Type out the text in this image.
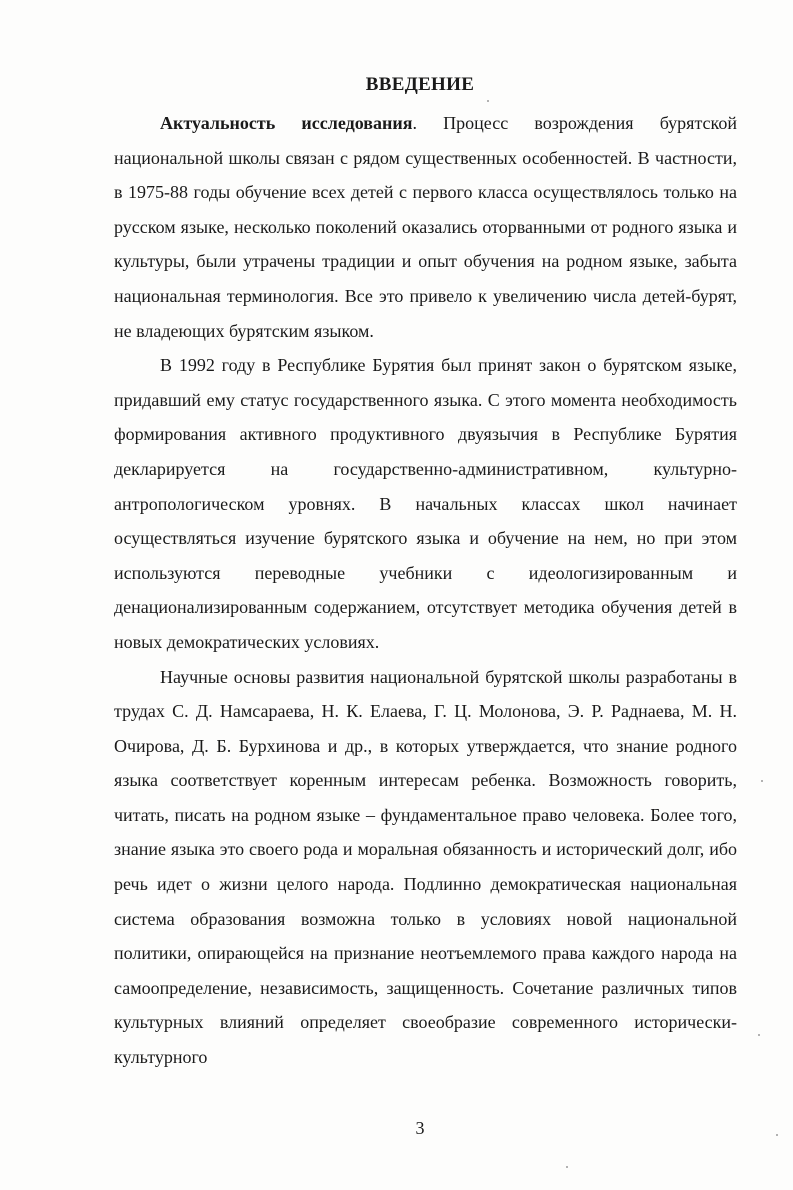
ВВЕДЕНИЕ

Актуальность исследования. Процесс возрождения бурятской национальной школы связан с рядом существенных особенностей. В частности, в 1975-88 годы обучение всех детей с первого класса осуществлялось только на русском языке, несколько поколений оказались оторванными от родного языка и культуры, были утрачены традиции и опыт обучения на родном языке, забыта национальная терминология. Все это привело к увеличению числа детей-бурят, не владеющих бурятским языком.

В 1992 году в Республике Бурятия был принят закон о бурятском языке, придавший ему статус государственного языка. С этого момента необходимость формирования активного продуктивного двуязычия в Республике Бурятия декларируется на государственно-административном, культурно-антропологическом уровнях. В начальных классах школ начинает осуществляться изучение бурятского языка и обучение на нем, но при этом используются переводные учебники с идеологизированным и денационализированным содержанием, отсутствует методика обучения детей в новых демократических условиях.

Научные основы развития национальной бурятской школы разработаны в трудах С. Д. Намсараева, Н. К. Елаева, Г. Ц. Молонова, Э. Р. Раднаева, М. Н. Очирова, Д. Б. Бурхинова и др., в которых утверждается, что знание родного языка соответствует коренным интересам ребенка. Возможность говорить, читать, писать на родном языке – фундаментальное право человека. Более того, знание языка это своего рода и моральная обязанность и исторический долг, ибо речь идет о жизни целого народа. Подлинно демократическая национальная система образования возможна только в условиях новой национальной политики, опирающейся на признание неотъемлемого права каждого народа на самоопределение, независимость, защищенность. Сочетание различных типов культурных влияний определяет своеобразие современного исторически-культурного

3
